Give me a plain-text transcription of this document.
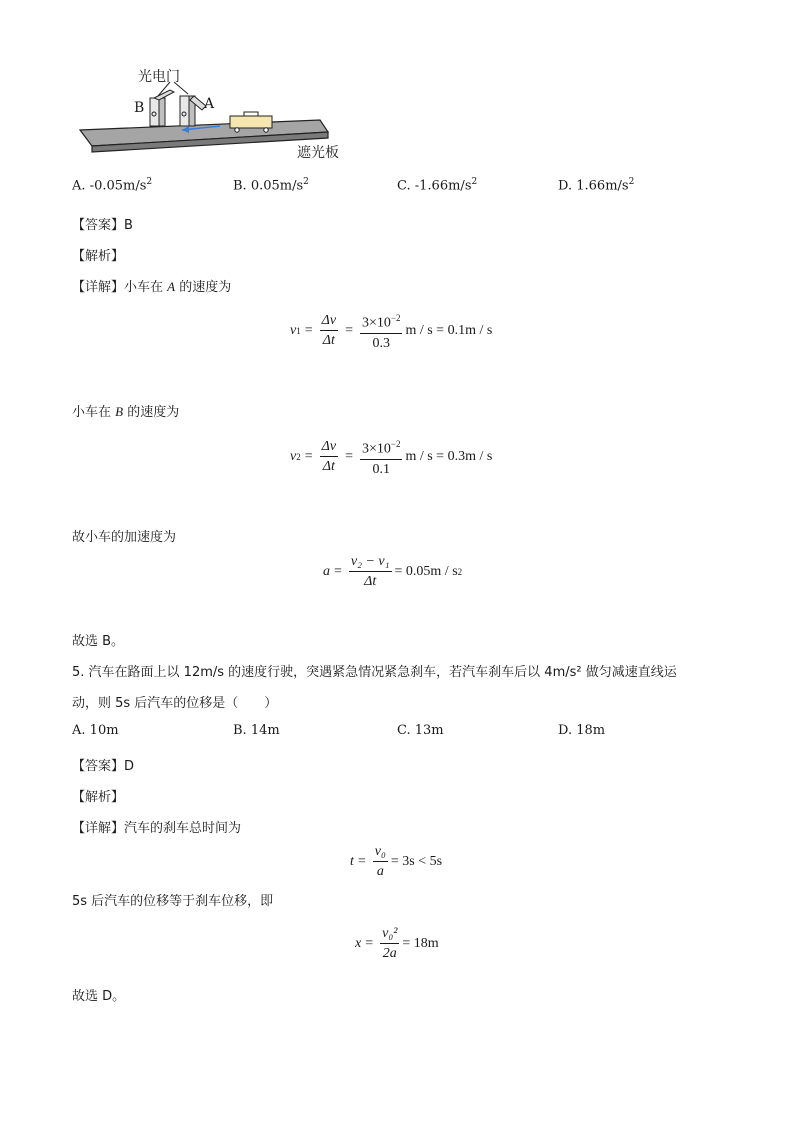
光电门
B	A
遮光板
A. $-0.05m/s^2$	B. $0.05m/s^2$	C. $-1.66m/s^2$	D. $1.66m/s^2$
【答案】B
【解析】
【详解】小车在 A 的速度为
v $1 = \frac{\Delta v}{\Delta t} = \frac{3\times 10^{-2}}{0.3}$ m / s = 0.1m / s
小车在 B 的速度为
v $2 = \frac{\Delta v}{\Delta t} = \frac{3\times 10^{-2}}{0.1}$ m / s = 0.3m / s
故小车的加速度为
$a = \frac{\text{v₂ − v₁}}{\Delta t} = 0.05m / s$ 2
故选 B。
5. 汽车在路面上以 12m/s 的速度行驶，突遇紧急情况紧急刹车，若汽车刹车后以 4m/s² 做匀减速直线运
动，则 5s 后汽车的位移是（　　）
A. 10m	B. 14m	C. 13m	D. 18m
【答案】D
【解析】
【详解】汽车的刹车总时间为
$t = \frac{\text{v₀}}{a} = 3s < 5s$
5s 后汽车的位移等于刹车位移，即
$x = \frac{\text{v₀²}}{2a} = 18m$
故选 D。
